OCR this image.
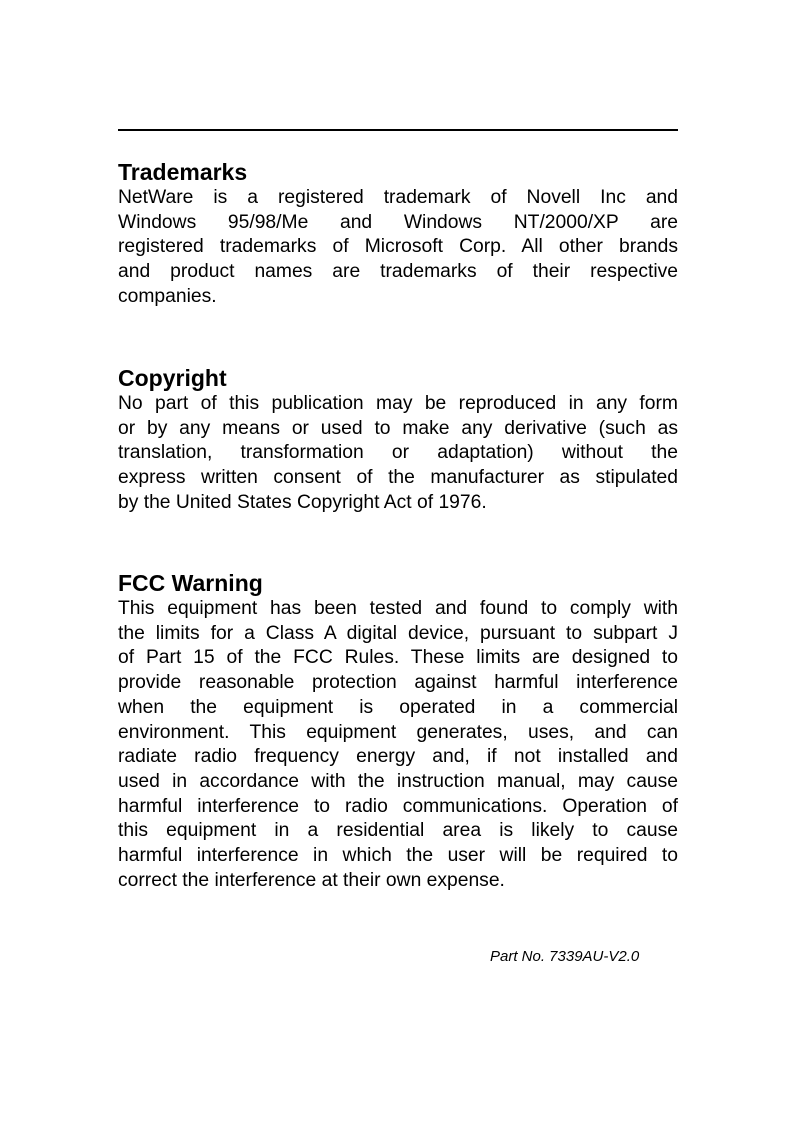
Trademarks
NetWare is a registered trademark of Novell Inc and
Windows 95/98/Me and Windows NT/2000/XP are
registered trademarks of Microsoft Corp. All other brands
and product names are trademarks of their respective
companies.
Copyright
No part of this publication may be reproduced in any form
or by any means or used to make any derivative (such as
translation, transformation or adaptation) without the
express written consent of the manufacturer as stipulated
by the United States Copyright Act of 1976.
FCC Warning
This equipment has been tested and found to comply with
the limits for a Class A digital device, pursuant to subpart J
of Part 15 of the FCC Rules. These limits are designed to
provide reasonable protection against harmful interference
when the equipment is operated in a commercial
environment. This equipment generates, uses, and can
radiate radio frequency energy and, if not installed and
used in accordance with the instruction manual, may cause
harmful interference to radio communications. Operation of
this equipment in a residential area is likely to cause
harmful interference in which the user will be required to
correct the interference at their own expense.
Part No. 7339AU-V2.0
